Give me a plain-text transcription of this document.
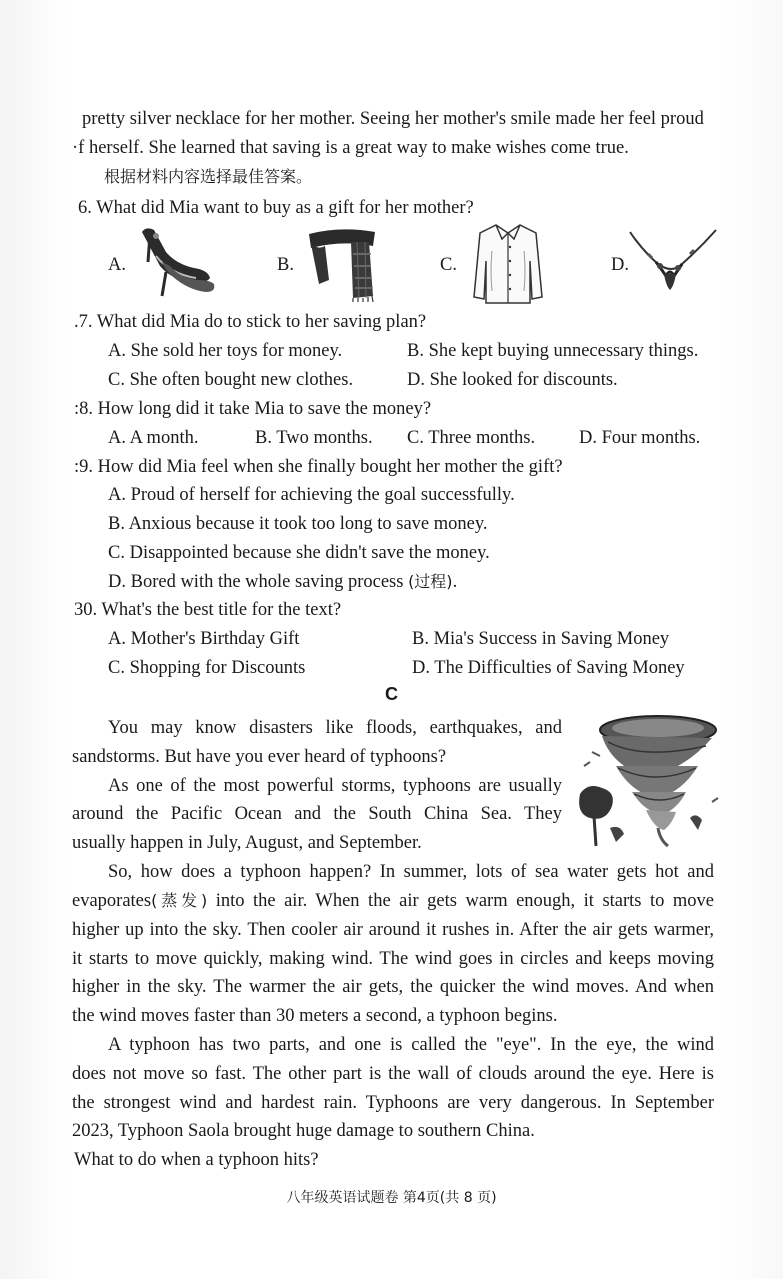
pretty silver necklace for her mother. Seeing her mother's smile made her feel proud
·f herself. She learned that saving is a great way to make wishes come true.
根据材料内容选择最佳答案。
6. What did Mia want to buy as a gift for her mother?
A.	B.	C.	D.
.7. What did Mia do to stick to her saving plan?
A. She sold her toys for money.	B. She kept buying unnecessary things.
C. She often bought new clothes.	D. She looked for discounts.
:8. How long did it take Mia to save the money?
A. A month.	B. Two months. C. Three months. D. Four months.
:9. How did Mia feel when she finally bought her mother the gift?
A. Proud of herself for achieving the goal successfully.
B. Anxious because it took too long to save money.
C. Disappointed because she didn't save the money.
D. Bored with the whole saving process (过程).
30. What's the best title for the text?
A. Mother's Birthday Gift	B. Mia's Success in Saving Money
C. Shopping for Discounts	D. The Difficulties of Saving Money
C
You may know disasters like floods, earthquakes, and
sandstorms. But have you ever heard of typhoons?
As one of the most powerful storms, typhoons are usually
around the Pacific Ocean and the South China Sea. They
usually happen in July, August, and September.
So, how does a typhoon happen? In summer, lots of sea water gets hot and
evaporates(蒸发) into the air. When the air gets warm enough, it starts to move
higher up into the sky. Then cooler air around it rushes in. After the air gets warmer,
it starts to move quickly, making wind. The wind goes in circles and keeps moving
higher in the sky. The warmer the air gets, the quicker the wind moves. And when
the wind moves faster than 30 meters a second, a typhoon begins.
A typhoon has two parts, and one is called the "eye". In the eye, the wind
does not move so fast. The other part is the wall of clouds around the eye. Here is
the strongest wind and hardest rain. Typhoons are very dangerous. In September
2023, Typhoon Saola brought huge damage to southern China.
What to do when a typhoon hits?
八年级英语试题卷 第4页(共 8 页)
